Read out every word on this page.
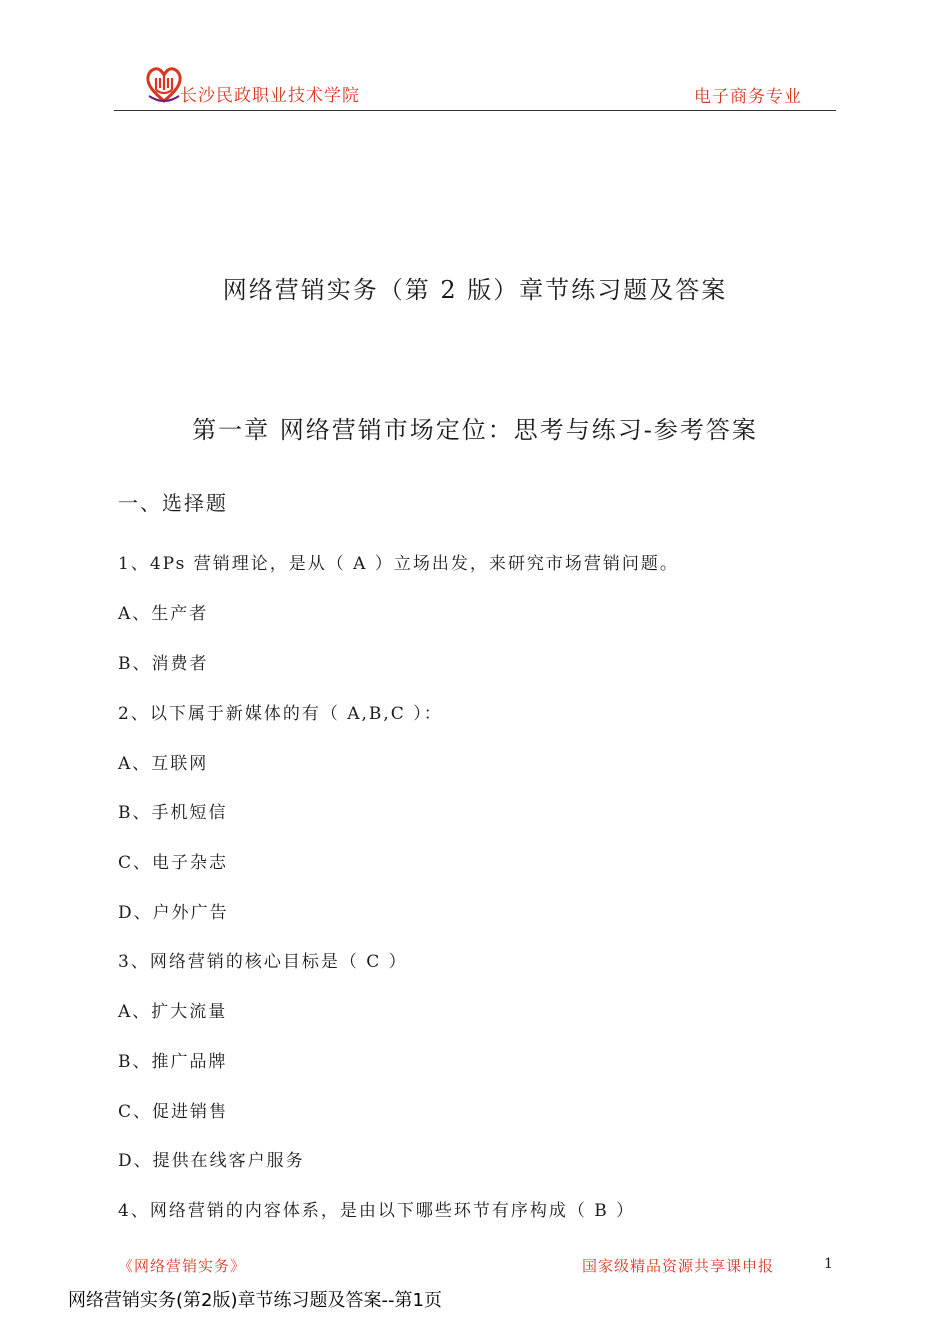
长沙民政职业技术学院	电子商务专业
网络营销实务（第 2 版）章节练习题及答案
第一章 网络营销市场定位：思考与练习-参考答案
一、选择题
1、4Ps 营销理论，是从（ A ）立场出发，来研究市场营销问题。
A、生产者
B、消费者
2、以下属于新媒体的有（ A,B,C ）：
A、互联网
B、手机短信
C、电子杂志
D、户外广告
3、网络营销的核心目标是（ C ）
A、扩大流量
B、推广品牌
C、促进销售
D、提供在线客户服务
4、网络营销的内容体系，是由以下哪些环节有序构成（ B ）
《网络营销实务》	国家级精品资源共享课申报	1
网络营销实务(第2版)章节练习题及答案--第1页
